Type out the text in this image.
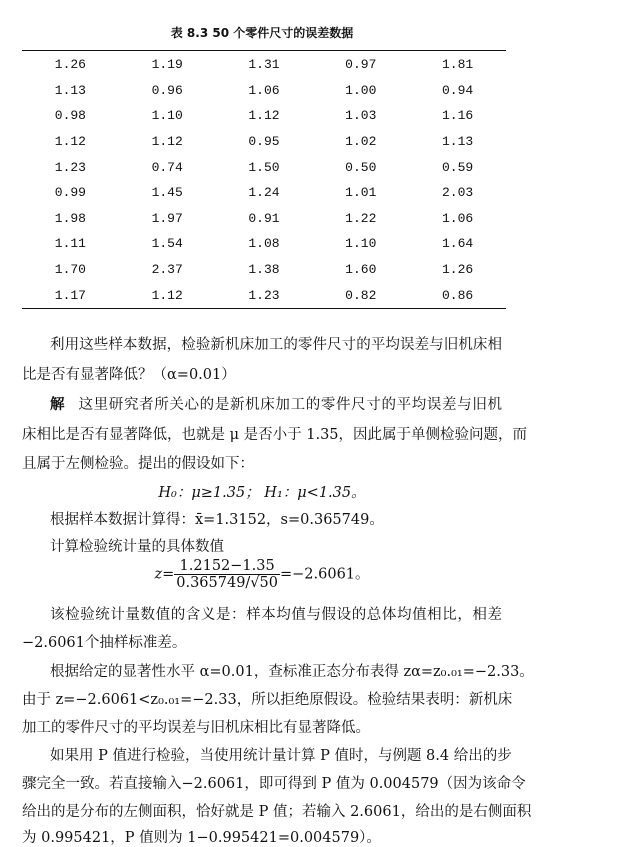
表 8.3 50 个零件尺寸的误差数据
1.26	1.19	1.31	0.97	1.81
1.13	0.96	1.06	1.00	0.94
0.98	1.10	1.12	1.03	1.16
1.12	1.12	0.95	1.02	1.13
1.23	0.74	1.50	0.50	0.59
0.99	1.45	1.24	1.01	2.03
1.98	1.97	0.91	1.22	1.06
1.11	1.54	1.08	1.10	1.64
1.70	2.37	1.38	1.60	1.26
1.17	1.12	1.23	0.82	0.86
利用这些样本数据，检验新机床加工的零件尺寸的平均误差与旧机床相
比是否有显著降低？（α=0.01）
解 这里研究者所关心的是新机床加工的零件尺寸的平均误差与旧机
床相比是否有显著降低，也就是 μ 是否小于 1.35，因此属于单侧检验问题，而
且属于左侧检验。提出的假设如下：
H₀：μ≥1.35； H₁：μ<1.35。
根据样本数据计算得：x̄=1.3152，s=0.365749。
计算检验统计量的具体数值
$z= \frac{1.2152-1.35}{0.365749/√50} =-2.6061$。
该检验统计量数值的含义是：样本均值与假设的总体均值相比，相差
−2.6061个抽样标准差。
根据给定的显著性水平 α=0.01，查标准正态分布表得 zα=z₀.₀₁=−2.33。
由于 z=−2.6061<z₀.₀₁=−2.33，所以拒绝原假设。检验结果表明：新机床
加工的零件尺寸的平均误差与旧机床相比有显著降低。
如果用 P 值进行检验，当使用统计量计算 P 值时，与例题 8.4 给出的步
骤完全一致。若直接输入−2.6061，即可得到 P 值为 0.004579（因为该命令
给出的是分布的左侧面积，恰好就是 P 值；若输入 2.6061，给出的是右侧面积
为 0.995421，P 值则为 1−0.995421=0.004579）。
